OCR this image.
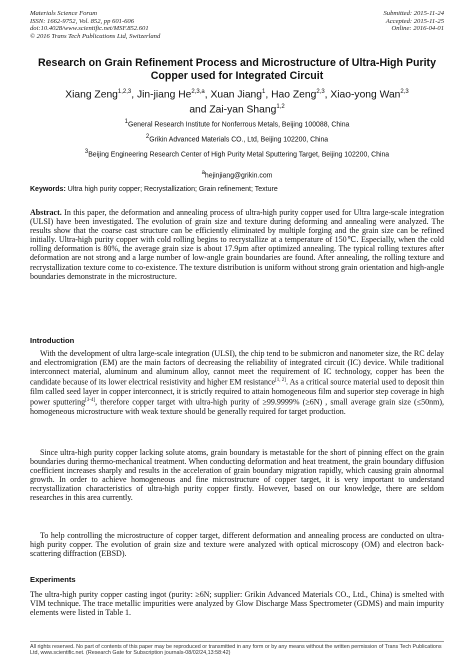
Materials Science Forum
ISSN: 1662-9752, Vol. 852, pp 601-606
doi:10.4028/www.scientific.net/MSF.852.601
© 2016 Trans Tech Publications Ltd, Switzerland
Submitted: 2015-11-24
Accepted: 2015-11-25
Online: 2016-04-01
Research on Grain Refinement Process and Microstructure of Ultra-High Purity Copper used for Integrated Circuit
Xiang Zeng$^{1,2,3}$, Jin-jiang He$^{2,3,a}$, Xuan Jiang$^1$, Hao Zeng$^{2,3}$, Xiao-yong Wan$^{2,3}$
and Zai-yan Shang$^{1,2}$
$^1$General Research Institute for Nonferrous Metals, Beijing 100088, China
$^2$Grikin Advanced Materials CO., Ltd, Beijing 102200, China
$^3$Beijing Engineering Research Center of High Purity Metal Sputtering Target, Beijing 102200, China
$^a$hejinjiang@grikin.com
Keywords: Ultra high purity copper; Recrystallization; Grain refinement; Texture
Abstract. In this paper, the deformation and annealing process of ultra-high purity copper used for Ultra large-scale integration (ULSI) have been investigated. The evolution of grain size and texture during deforming and annealing were analyzed. The results show that the coarse cast structure can be efficiently eliminated by multiple forging and the grain size can be refined initially. Ultra-high purity copper with cold rolling begins to recrystallize at a temperature of 150℃. Especially, when the cold rolling deformation is 80%, the average grain size is about 17.9μm after optimized annealing. The typical rolling textures after deformation are not strong and a large number of low-angle grain boundaries are found. After annealing, the rolling texture and recrystallization texture come to co-existence. The texture distribution is uniform without strong grain orientation and high-angle boundaries demonstrate in the microstructure.
Introduction
With the development of ultra large-scale integration (ULSI), the chip tend to be submicron and nanometer size, the RC delay and electromigration (EM) are the main factors of decreasing the reliability of integrated circuit (IC) device. While traditional interconnect material, aluminum and aluminum alloy, cannot meet the requirement of IC technology, copper has been the candidate because of its lower electrical resistivity and higher EM resistance[1, 2]. As a critical source material used to deposit thin film called seed layer in copper interconnect, it is strictly required to attain homogeneous film and superior step coverage in high power sputtering[3-4], therefore copper target with ultra-high purity of ≥99.9999% (≥6N) , small average grain size (≤50nm), homogeneous microstructure with weak texture should be generally required for target production.
Since ultra-high purity copper lacking solute atoms, grain boundary is metastable for the short of pinning effect on the grain boundaries during thermo-mechanical treatment. When conducting deformation and heat treatment, the grain boundary diffusion coefficient increases sharply and results in the acceleration of grain boundary migration rapidly, which causing grain abnormal growth. In order to achieve homogeneous and fine microstructure of copper target, it is very important to understand recrystallization characteristics of ultra-high purity copper firstly. However, based on our knowledge, there are seldom researches in this area currently.
To help controlling the microstructure of copper target, different deformation and annealing process are conducted on ultra-high purity copper. The evolution of grain size and texture were analyzed with optical microscopy (OM) and electron back-scattering diffraction (EBSD).
Experiments
The ultra-high purity copper casting ingot (purity: ≥6N; supplier: Grikin Advanced Materials CO., Ltd., China) is smelted with VIM technique. The trace metallic impurities were analyzed by Glow Discharge Mass Spectrometer (GDMS) and main impurity elements were listed in Table 1.
All rights reserved. No part of contents of this paper may be reproduced or transmitted in any form or by any means without the written permission of Trans Tech Publications Ltd, www.scientific.net. (Research Gate for Subscription journals-08/02/24,13:58:42)
